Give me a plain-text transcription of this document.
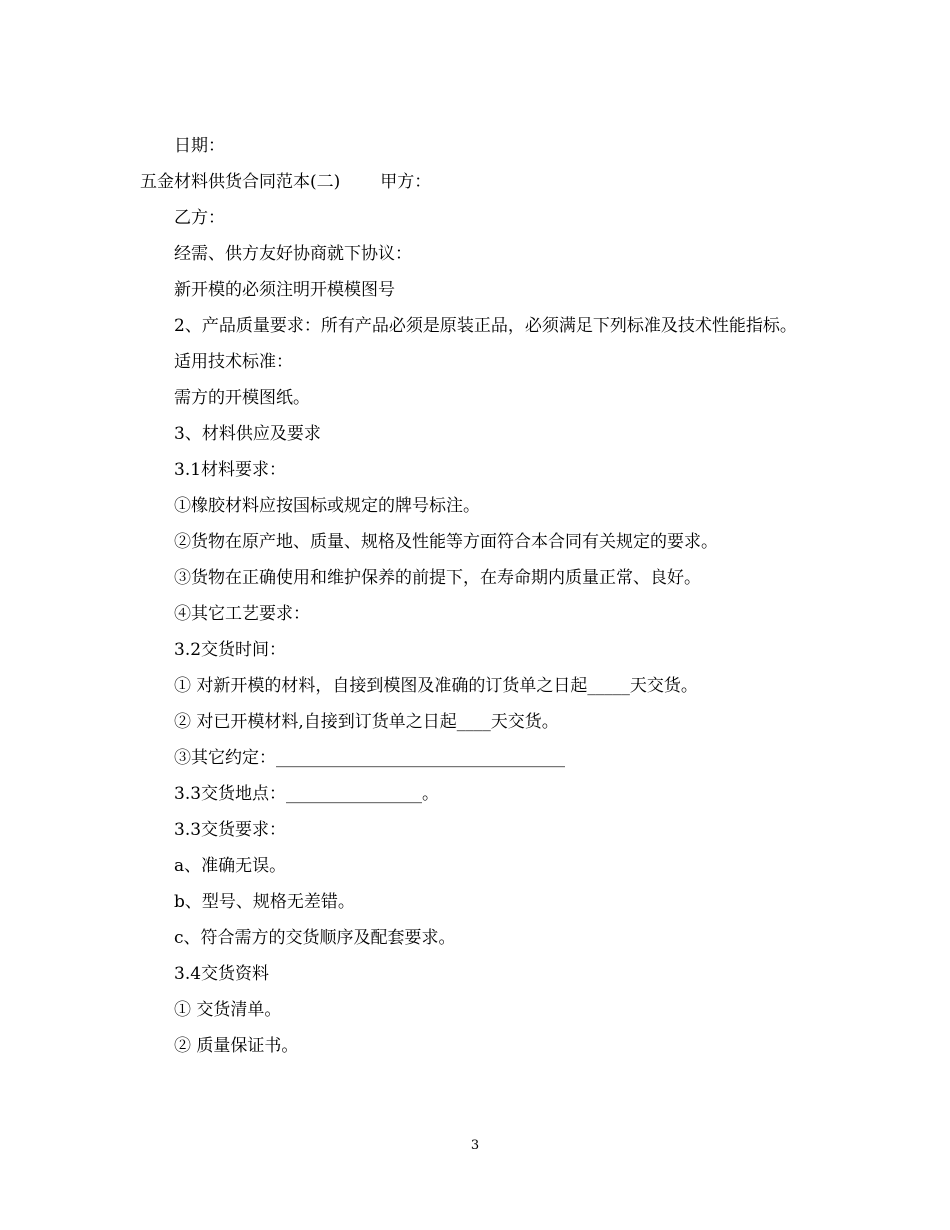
日期：
五金材料供货合同范本(二) 甲方：
乙方：
经需、供方友好协商就下协议：
新开模的必须注明开模模图号
2、产品质量要求：所有产品必须是原装正品，必须满足下列标准及技术性能指标。
适用技术标准：
需方的开模图纸。
3、材料供应及要求
3.1材料要求：
①橡胶材料应按国标或规定的牌号标注。
②货物在原产地、质量、规格及性能等方面符合本合同有关规定的要求。
③货物在正确使用和维护保养的前提下，在寿命期内质量正常、良好。
④其它工艺要求：
3.2交货时间：
① 对新开模的材料，自接到模图及准确的订货单之日起_____天交货。
② 对已开模材料,自接到订货单之日起____天交货。
③其它约定：__________________________________
3.3交货地点：________________。
3.3交货要求：
a、准确无误。
b、型号、规格无差错。
c、符合需方的交货顺序及配套要求。
3.4交货资料
① 交货清单。
② 质量保证书。
3
